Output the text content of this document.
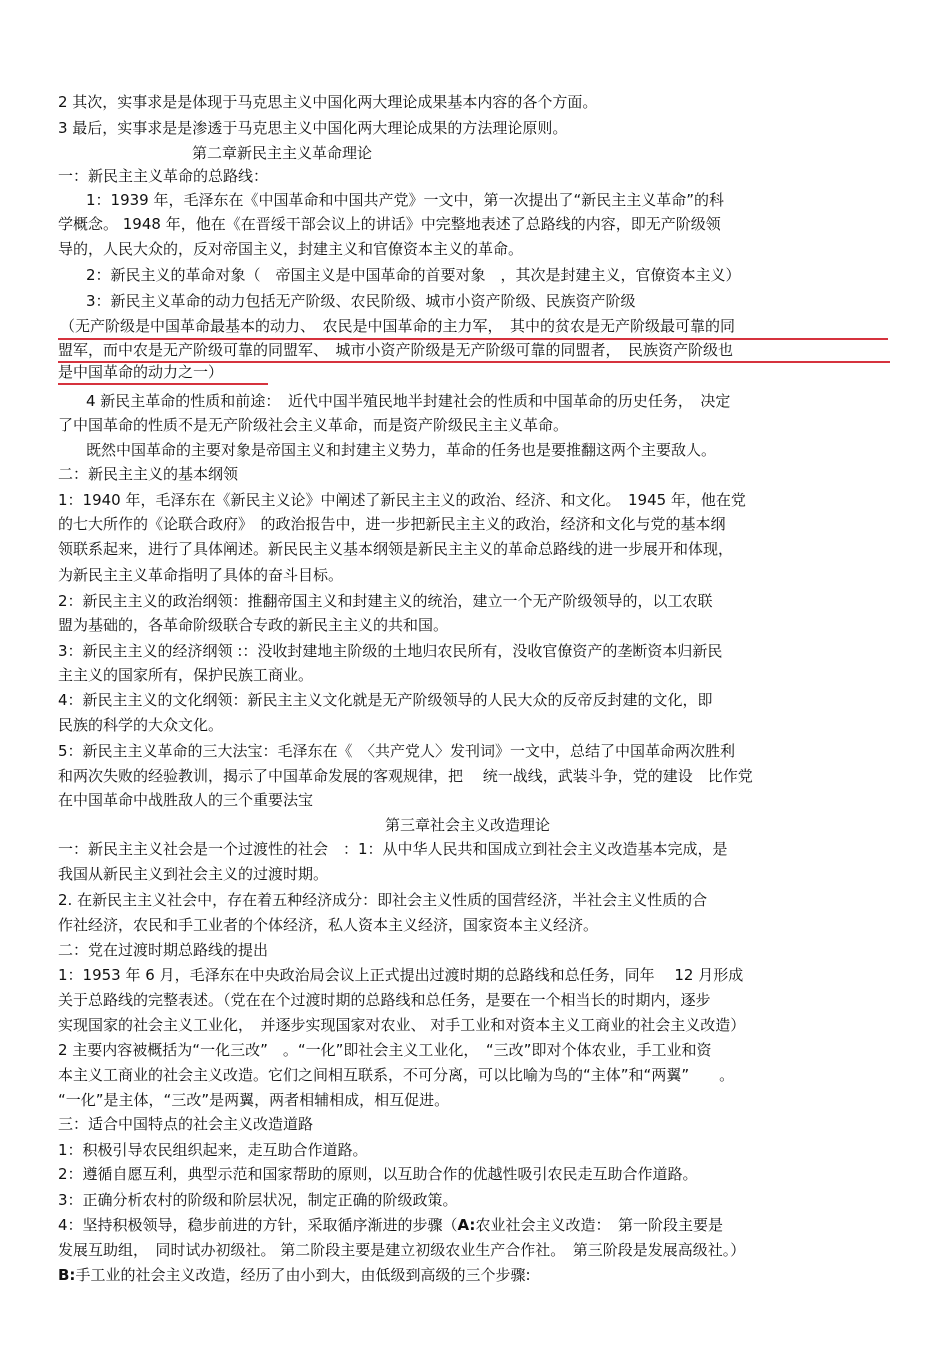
2 其次，实事求是是体现于马克思主义中国化两大理论成果基本内容的各个方面。
3 最后，实事求是是渗透于马克思主义中国化两大理论成果的方法理论原则。
第二章新民主主义革命理论
一：新民主主义革命的总路线：
1：1939 年，毛泽东在《中国革命和中国共产党》一文中，第一次提出了“新民主主义革命”的科
学概念。 1948 年，他在《在晋绥干部会议上的讲话》中完整地表述了总路线的内容，即无产阶级领
导的，人民大众的，反对帝国主义，封建主义和官僚资本主义的革命。
2：新民主义的革命对象（　帝国主义是中国革命的首要对象　，其次是封建主义，官僚资本主义）
3：新民主义革命的动力包括无产阶级、农民阶级、城市小资产阶级、民族资产阶级
（无产阶级是中国革命最基本的动力、　农民是中国革命的主力军，　其中的贫农是无产阶级最可靠的同
盟军，而中农是无产阶级可靠的同盟军、　城市小资产阶级是无产阶级可靠的同盟者，　民族资产阶级也
是中国革命的动力之一）
4 新民主革命的性质和前途：　近代中国半殖民地半封建社会的性质和中国革命的历史任务，　决定
了中国革命的性质不是无产阶级社会主义革命，而是资产阶级民主主义革命。
既然中国革命的主要对象是帝国主义和封建主义势力，革命的任务也是要推翻这两个主要敌人。
二：新民主主义的基本纲领
1：1940 年，毛泽东在《新民主义论》中阐述了新民主主义的政治、经济、和文化。　1945 年，他在党
的七大所作的《论联合政府》　的政治报告中，进一步把新民主主义的政治，经济和文化与党的基本纲
领联系起来，进行了具体阐述。新民民主义基本纲领是新民主主义的革命总路线的进一步展开和体现，
为新民主主义革命指明了具体的奋斗目标。
2：新民主主义的政治纲领：推翻帝国主义和封建主义的统治，建立一个无产阶级领导的，以工农联
盟为基础的，各革命阶级联合专政的新民主主义的共和国。
3：新民主主义的经济纲领 :：没收封建地主阶级的土地归农民所有，没收官僚资产的垄断资本归新民
主主义的国家所有，保护民族工商业。
4：新民主主义的文化纲领：新民主主义文化就是无产阶级领导的人民大众的反帝反封建的文化，即
民族的科学的大众文化。
5：新民主主义革命的三大法宝：毛泽东在《　〈共产党人〉发刊词》一文中，总结了中国革命两次胜利
和两次失败的经验教训，揭示了中国革命发展的客观规律，把　 统一战线，武装斗争，党的建设　比作党
在中国革命中战胜敌人的三个重要法宝
第三章社会主义改造理论
一：新民主主义社会是一个过渡性的社会　：1：从中华人民共和国成立到社会主义改造基本完成，是
我国从新民主义到社会主义的过渡时期。
2. 在新民主主义社会中，存在着五种经济成分：即社会主义性质的国营经济，半社会主义性质的合
作社经济，农民和手工业者的个体经济，私人资本主义经济，国家资本主义经济。
二：党在过渡时期总路线的提出
1：1953 年 6 月，毛泽东在中央政治局会议上正式提出过渡时期的总路线和总任务，同年　 12 月形成
关于总路线的完整表述。（党在在个过渡时期的总路线和总任务，是要在一个相当长的时期内，逐步
实现国家的社会主义工业化，　并逐步实现国家对农业、 对手工业和对资本主义工商业的社会主义改造）
2 主要内容被概括为“一化三改”　。“一化”即社会主义工业化，　“三改”即对个体农业，手工业和资
本主义工商业的社会主义改造。它们之间相互联系，不可分离，可以比喻为鸟的“主体”和“两翼”　　。
“一化”是主体，“三改”是两翼，两者相辅相成，相互促进。
三：适合中国特点的社会主义改造道路
1：积极引导农民组织起来，走互助合作道路。
2：遵循自愿互利，典型示范和国家帮助的原则，以互助合作的优越性吸引农民走互助合作道路。
3：正确分析农村的阶级和阶层状况，制定正确的阶级政策。
4：坚持积极领导，稳步前进的方针，采取循序渐进的步骤（A:农业社会主义改造：　第一阶段主要是
发展互助组，　同时试办初级社。 第二阶段主要是建立初级农业生产合作社。　第三阶段是发展高级社。）
B:手工业的社会主义改造，经历了由小到大，由低级到高级的三个步骤:
